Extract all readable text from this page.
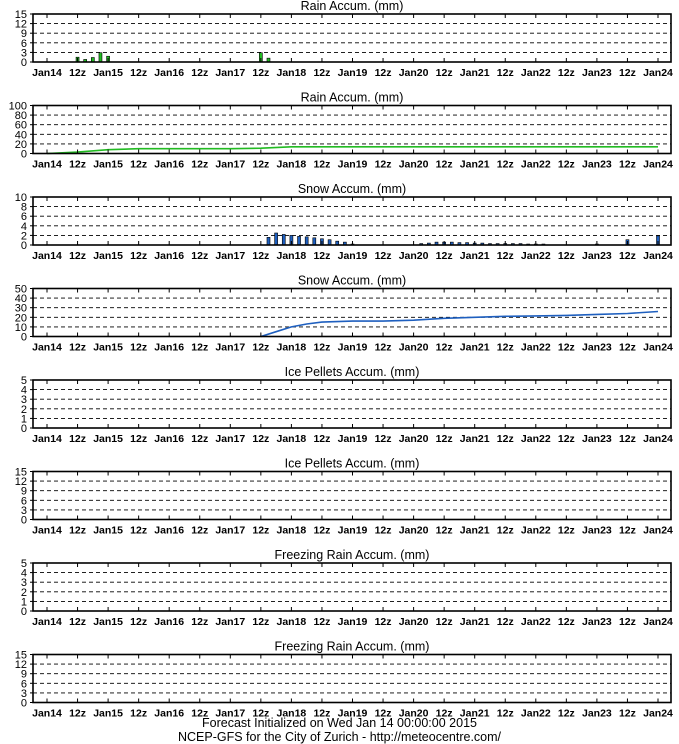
Rain Accum. (mm)
0
3
6
9
12
15
Jan14 12z Jan15 12z Jan16 12z Jan17 12z Jan18 12z Jan19 12z Jan20 12z Jan21 12z Jan22 12z Jan23 12z Jan24
Rain Accum. (mm)
0
20
40
60
80
100
Jan14 12z Jan15 12z Jan16 12z Jan17 12z Jan18 12z Jan19 12z Jan20 12z Jan21 12z Jan22 12z Jan23 12z Jan24
Snow Accum. (mm)
0
2
4
6
8
10
Jan14 12z Jan15 12z Jan16 12z Jan17 12z Jan18 12z Jan19 12z Jan20 12z Jan21 12z Jan22 12z Jan23 12z Jan24
Snow Accum. (mm)
0
10
20
30
40
50
Jan14 12z Jan15 12z Jan16 12z Jan17 12z Jan18 12z Jan19 12z Jan20 12z Jan21 12z Jan22 12z Jan23 12z Jan24
Ice Pellets Accum. (mm)
0
1
2
3
4
5
Jan14 12z Jan15 12z Jan16 12z Jan17 12z Jan18 12z Jan19 12z Jan20 12z Jan21 12z Jan22 12z Jan23 12z Jan24
Ice Pellets Accum. (mm)
0
3
6
9
12
15
Jan14 12z Jan15 12z Jan16 12z Jan17 12z Jan18 12z Jan19 12z Jan20 12z Jan21 12z Jan22 12z Jan23 12z Jan24
Freezing Rain Accum. (mm)
0
1
2
3
4
5
Jan14 12z Jan15 12z Jan16 12z Jan17 12z Jan18 12z Jan19 12z Jan20 12z Jan21 12z Jan22 12z Jan23 12z Jan24
Freezing Rain Accum. (mm)
0
3
6
9
12
15
Jan14 12z Jan15 12z Jan16 12z Jan17 12z Jan18 12z Jan19 12z Jan20 12z Jan21 12z Jan22 12z Jan23 12z Jan24
Forecast Initialized on Wed Jan 14 00:00:00 2015
NCEP-GFS for the City of Zurich - http://meteocentre.com/
